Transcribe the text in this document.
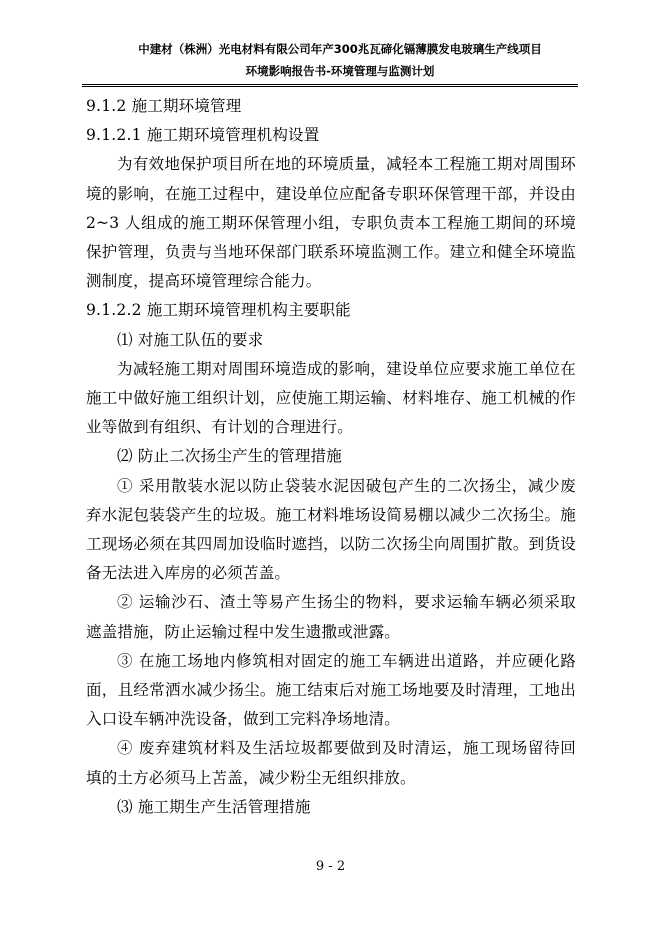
中建材（株洲）光电材料有限公司年产300兆瓦碲化镉薄膜发电玻璃生产线项目
环境影响报告书-环境管理与监测计划

9.1.2 施工期环境管理

9.1.2.1 施工期环境管理机构设置

为有效地保护项目所在地的环境质量，减轻本工程施工期对周围环境的影响，在施工过程中，建设单位应配备专职环保管理干部，并设由2~3 人组成的施工期环保管理小组，专职负责本工程施工期间的环境保护管理，负责与当地环保部门联系环境监测工作。建立和健全环境监测制度，提高环境管理综合能力。

9.1.2.2 施工期环境管理机构主要职能

⑴ 对施工队伍的要求

为减轻施工期对周围环境造成的影响，建设单位应要求施工单位在施工中做好施工组织计划，应使施工期运输、材料堆存、施工机械的作业等做到有组织、有计划的合理进行。

⑵ 防止二次扬尘产生的管理措施

① 采用散装水泥以防止袋装水泥因破包产生的二次扬尘，减少废弃水泥包装袋产生的垃圾。施工材料堆场设简易棚以减少二次扬尘。施工现场必须在其四周加设临时遮挡，以防二次扬尘向周围扩散。到货设备无法进入库房的必须苫盖。

② 运输沙石、渣土等易产生扬尘的物料，要求运输车辆必须采取遮盖措施，防止运输过程中发生遗撒或泄露。

③ 在施工场地内修筑相对固定的施工车辆进出道路，并应硬化路面，且经常洒水减少扬尘。施工结束后对施工场地要及时清理，工地出入口设车辆冲洗设备，做到工完料净场地清。

④ 废弃建筑材料及生活垃圾都要做到及时清运，施工现场留待回填的土方必须马上苫盖，减少粉尘无组织排放。

⑶ 施工期生产生活管理措施

9 - 2
